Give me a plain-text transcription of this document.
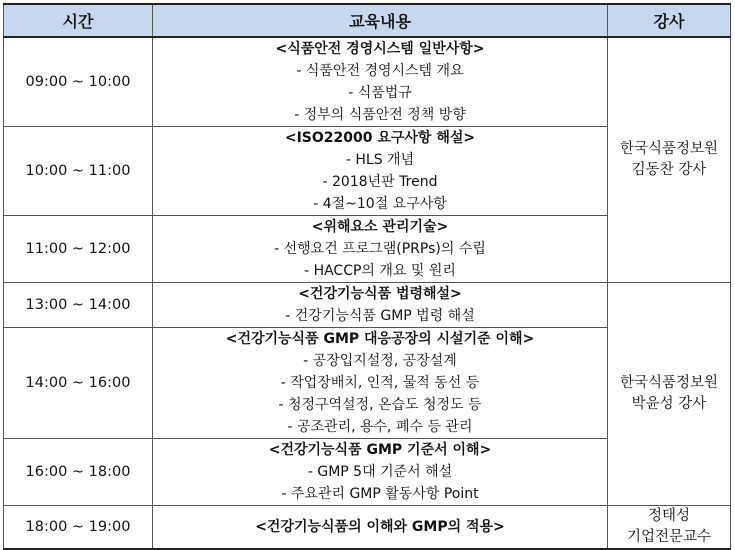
시간	교육내용	강사
09:00 ~ 10:00	<식품안전 경영시스템 일반사항>
- 식품안전 경영시스템 개요
- 식품법규
- 정부의 식품안전 정책 방향	한국식품정보원
김동찬 강사

10:00 ~ 11:00	<ISO22000 요구사항 해설>
- HLS 개념
- 2018년판 Trend
- 4절~10절 요구사항	

11:00 ~ 12:00	<위해요소 관리기술>
- 선행요건 프로그램(PRPs)의 수립
- HACCP의 개요 및 원리	

13:00 ~ 14:00	<건강기능식품 법령해설>
- 건강기능식품 GMP 법령 해설	한국식품정보원
박윤성 강사

14:00 ~ 16:00	<건강기능식품 GMP 대응공장의 시설기준 이해>
- 공장입지설정, 공장설계
- 작업장배치, 인적, 물적 동선 등
- 청정구역설정, 온습도 청정도 등
- 공조관리, 용수, 폐수 등 관리	

16:00 ~ 18:00	<건강기능식품 GMP 기준서 이해>
- GMP 5대 기준서 해설
- 주요관리 GMP 활동사항 Point	

18:00 ~ 19:00	<건강기능식품의 이해와 GMP의 적용>	정태성
기업전문교수
